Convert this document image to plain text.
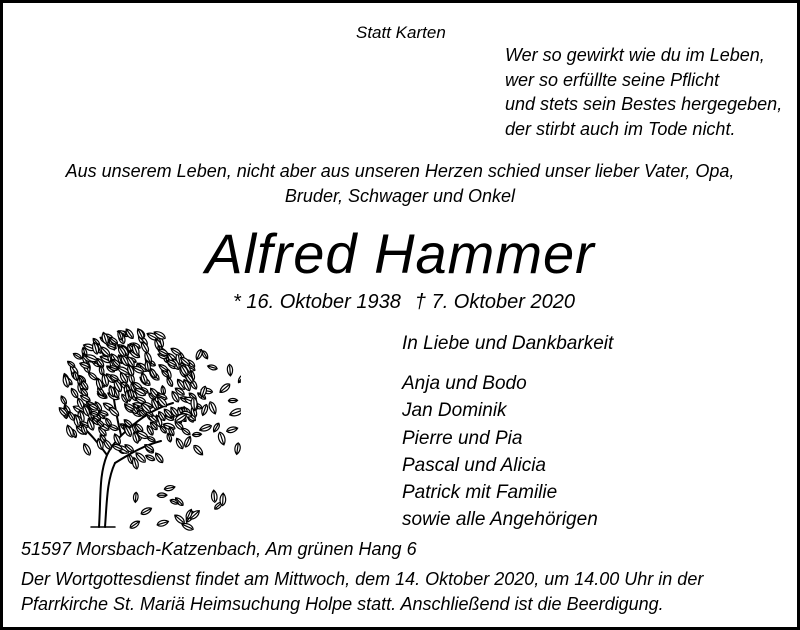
Statt Karten
Wer so gewirkt wie du im Leben,
wer so erfüllte seine Pflicht
und stets sein Bestes hergegeben,
der stirbt auch im Tode nicht.
Aus unserem Leben, nicht aber aus unseren Herzen schied unser lieber Vater, Opa,
Bruder, Schwager und Onkel
Alfred Hammer
* 16. Oktober 1938 † 7. Oktober 2020
In Liebe und Dankbarkeit
Anja und Bodo
Jan Dominik
Pierre und Pia
Pascal und Alicia
Patrick mit Familie
sowie alle Angehörigen
51597 Morsbach-Katzenbach, Am grünen Hang 6
Der Wortgottesdienst findet am Mittwoch, dem 14. Oktober 2020, um 14.00 Uhr in der
Pfarrkirche St. Mariä Heimsuchung Holpe statt. Anschließend ist die Beerdigung.
